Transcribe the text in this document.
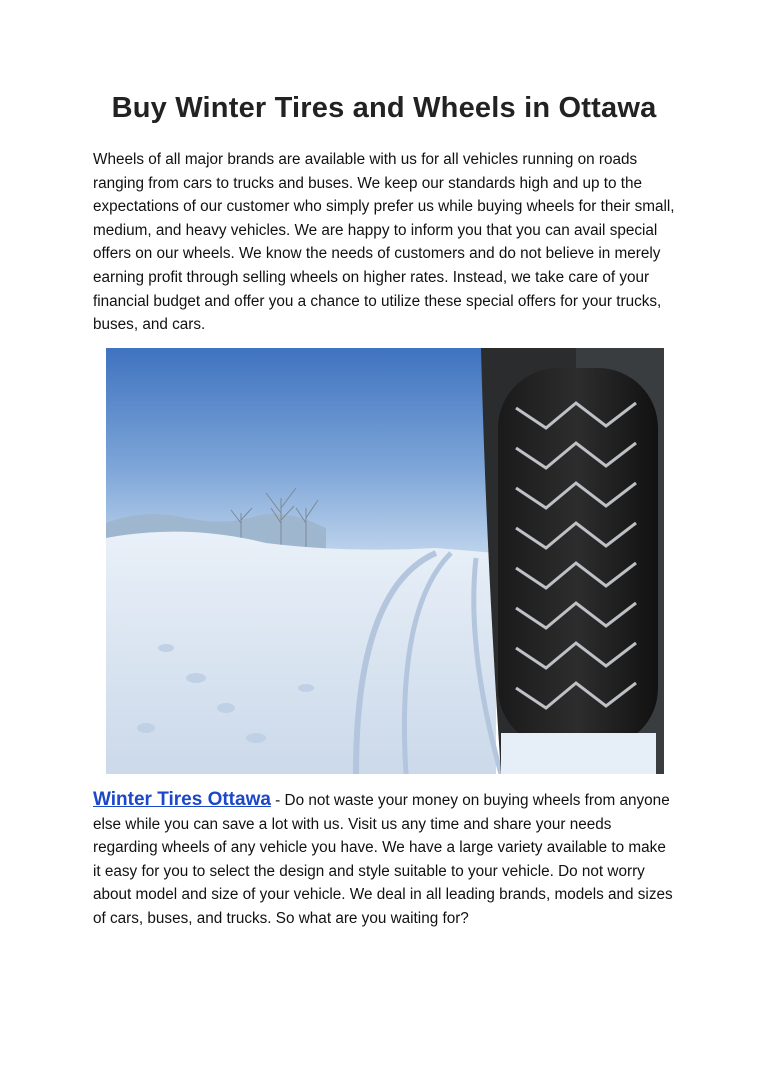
Buy Winter Tires and Wheels in Ottawa
Wheels of all major brands are available with us for all vehicles running on roads ranging from cars to trucks and buses. We keep our standards high and up to the expectations of our customer who simply prefer us while buying wheels for their small, medium, and heavy vehicles. We are happy to inform you that you can avail special offers on our wheels. We know the needs of customers and do not believe in merely earning profit through selling wheels on higher rates. Instead, we take care of your financial budget and offer you a chance to utilize these special offers for your trucks, buses, and cars.
Winter Tires Ottawa - Do not waste your money on buying wheels from anyone else while you can save a lot with us. Visit us any time and share your needs regarding wheels of any vehicle you have. We have a large variety available to make it easy for you to select the design and style suitable to your vehicle. Do not worry about model and size of your vehicle. We deal in all leading brands, models and sizes of cars, buses, and trucks. So what are you waiting for?
